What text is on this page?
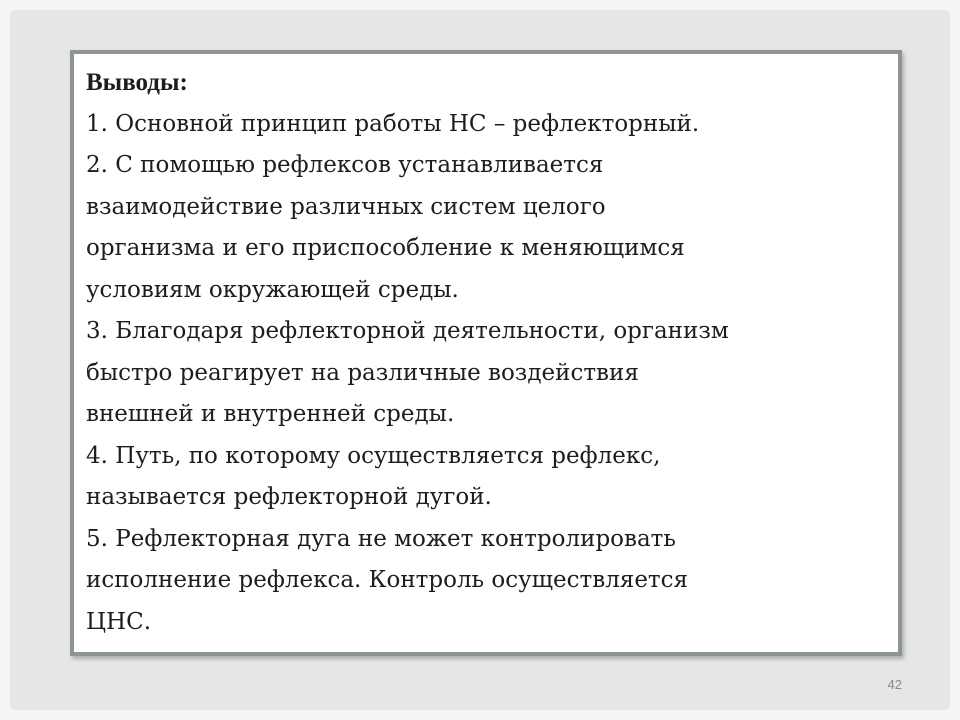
Выводы:
1. Основной принцип работы НС – рефлекторный.
2. С помощью рефлексов устанавливается
взаимодействие различных систем целого
организма и его приспособление к меняющимся
условиям окружающей среды.
3. Благодаря рефлекторной деятельности, организм
быстро реагирует на различные воздействия
внешней и внутренней среды.
4. Путь, по которому осуществляется рефлекс,
называется рефлекторной дугой.
5. Рефлекторная дуга не может контролировать
исполнение рефлекса. Контроль осуществляется
ЦНС.
42
